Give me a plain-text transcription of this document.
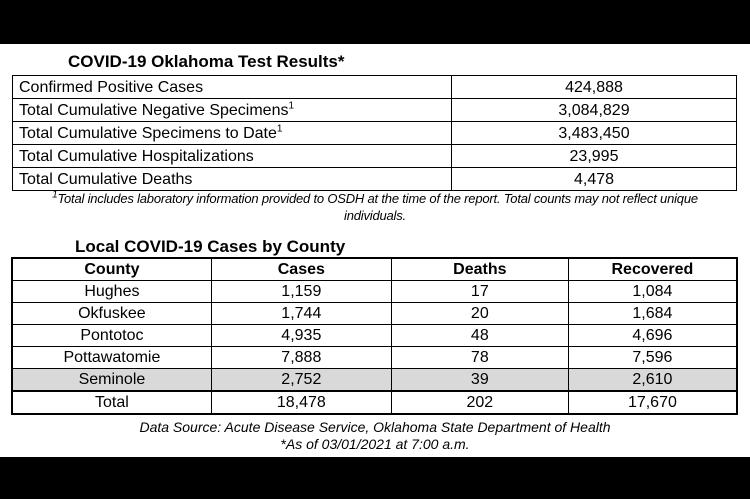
COVID-19 Oklahoma Test Results*
Confirmed Positive Cases	424,888
Total Cumulative Negative Specimens$^1$	3,084,829
Total Cumulative Specimens to Date$^1$	3,483,450
Total Cumulative Hospitalizations	23,995
Total Cumulative Deaths	4,478
$^1$Total includes laboratory information provided to OSDH at the time of the report. Total counts may not reflect unique individuals.
Local COVID-19 Cases by County
County	Cases	Deaths	Recovered
Hughes	1,159	17	1,084
Okfuskee	1,744	20	1,684
Pontotoc	4,935	48	4,696
Pottawatomie	7,888	78	7,596
Seminole	2,752	39	2,610
Total	18,478	202	17,670
Data Source: Acute Disease Service, Oklahoma State Department of Health
*As of 03/01/2021 at 7:00 a.m.
